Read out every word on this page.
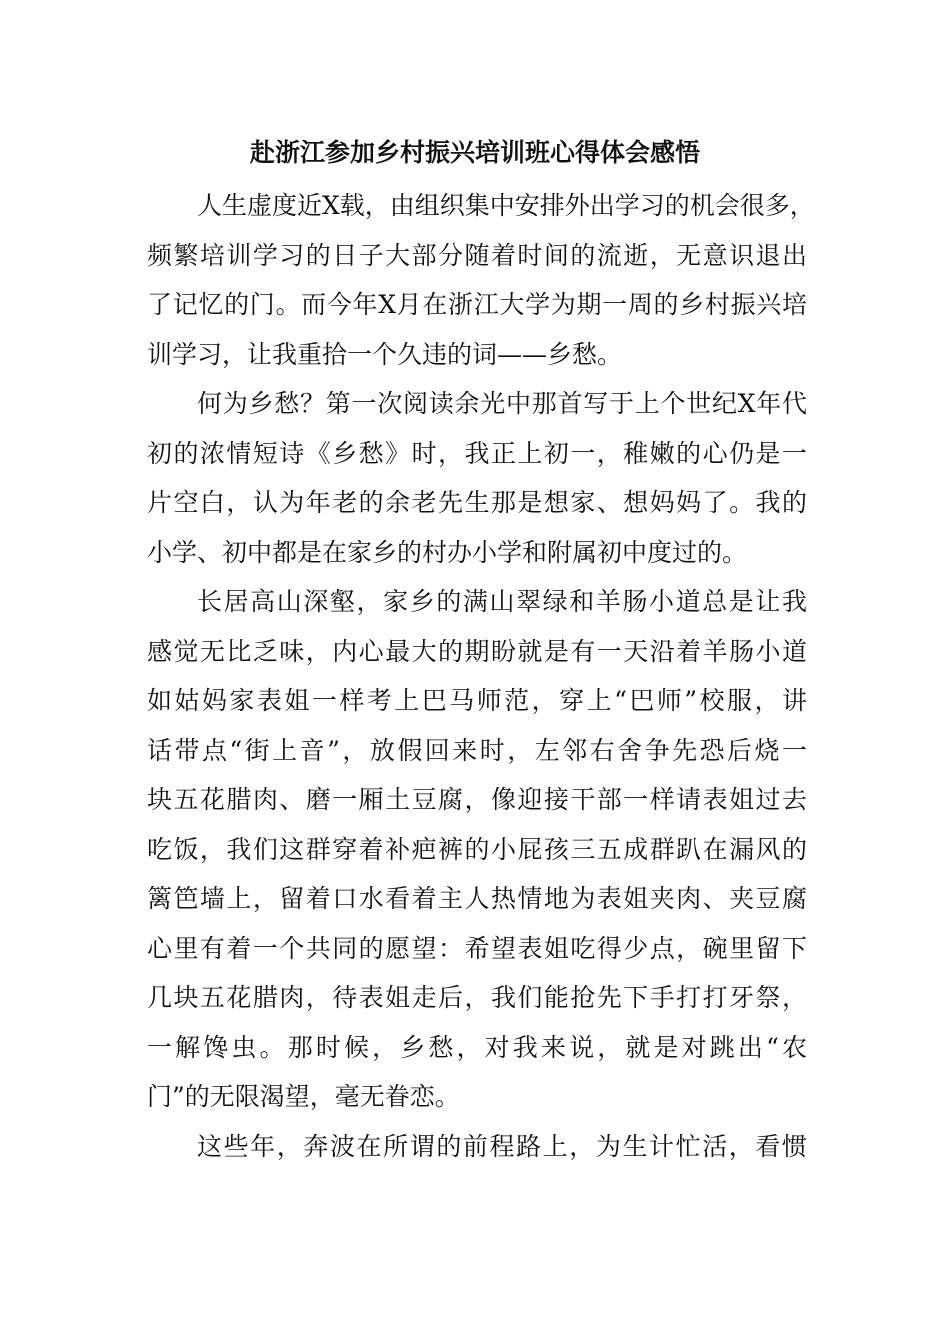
赴浙江参加乡村振兴培训班心得体会感悟
人生虚度近X载，由组织集中安排外出学习的机会很多，
频繁培训学习的日子大部分随着时间的流逝，无意识退出
了记忆的门。而今年X月在浙江大学为期一周的乡村振兴培
训学习，让我重拾一个久违的词——乡愁。
何为乡愁？第一次阅读余光中那首写于上个世纪X年代
初的浓情短诗《乡愁》时，我正上初一，稚嫩的心仍是一
片空白，认为年老的余老先生那是想家、想妈妈了。我的
小学、初中都是在家乡的村办小学和附属初中度过的。
长居高山深壑，家乡的满山翠绿和羊肠小道总是让我
感觉无比乏味，内心最大的期盼就是有一天沿着羊肠小道
如姑妈家表姐一样考上巴马师范，穿上“巴师”校服，讲
话带点“街上音”，放假回来时，左邻右舍争先恐后烧一
块五花腊肉、磨一厢土豆腐，像迎接干部一样请表姐过去
吃饭，我们这群穿着补疤裤的小屁孩三五成群趴在漏风的
篱笆墙上，留着口水看着主人热情地为表姐夹肉、夹豆腐
心里有着一个共同的愿望：希望表姐吃得少点，碗里留下
几块五花腊肉，待表姐走后，我们能抢先下手打打牙祭，
一解馋虫。那时候，乡愁，对我来说，就是对跳出“农
门”的无限渴望，毫无眷恋。
这些年，奔波在所谓的前程路上，为生计忙活，看惯
